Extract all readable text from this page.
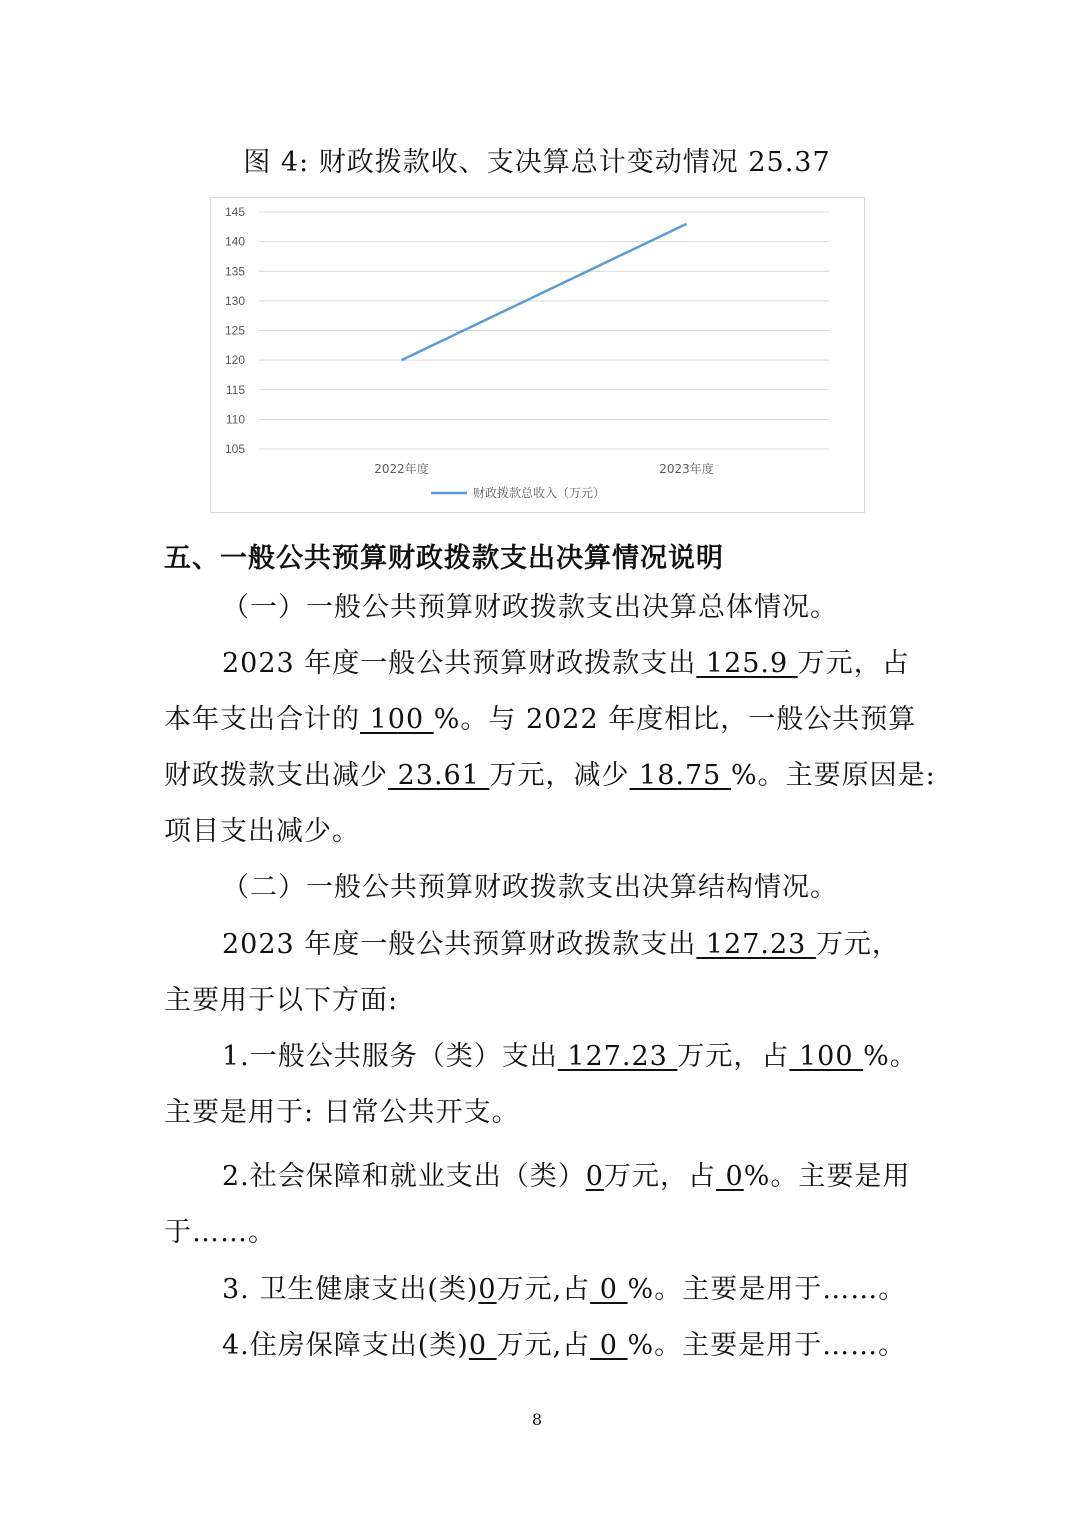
图 4: 财政拨款收、支决算总计变动情况 25.37
105
110
115
120
125
130
135
140
145
2022年度	2023年度
财政拨款总收入（万元）
五、一般公共预算财政拨款支出决算情况说明
（一）一般公共预算财政拨款支出决算总体情况。
2023 年度一般公共预算财政拨款支出 125.9 万元，占
本年支出合计的 100 %。与 2022 年度相比，一般公共预算
财政拨款支出减少 23.61 万元，减少 18.75 %。主要原因是:
项目支出减少。
（二）一般公共预算财政拨款支出决算结构情况。
2023 年度一般公共预算财政拨款支出 127.23 万元，
主要用于以下方面:
1.一般公共服务（类）支出 127.23 万元，占 100 %。
主要是用于: 日常公共开支。
2.社会保障和就业支出（类）0万元，占 0%。主要是用
于……。
3. 卫生健康支出(类)0万元,占 0 %。主要是用于……。
4.住房保障支出(类)0 万元,占 0 %。主要是用于……。
8
